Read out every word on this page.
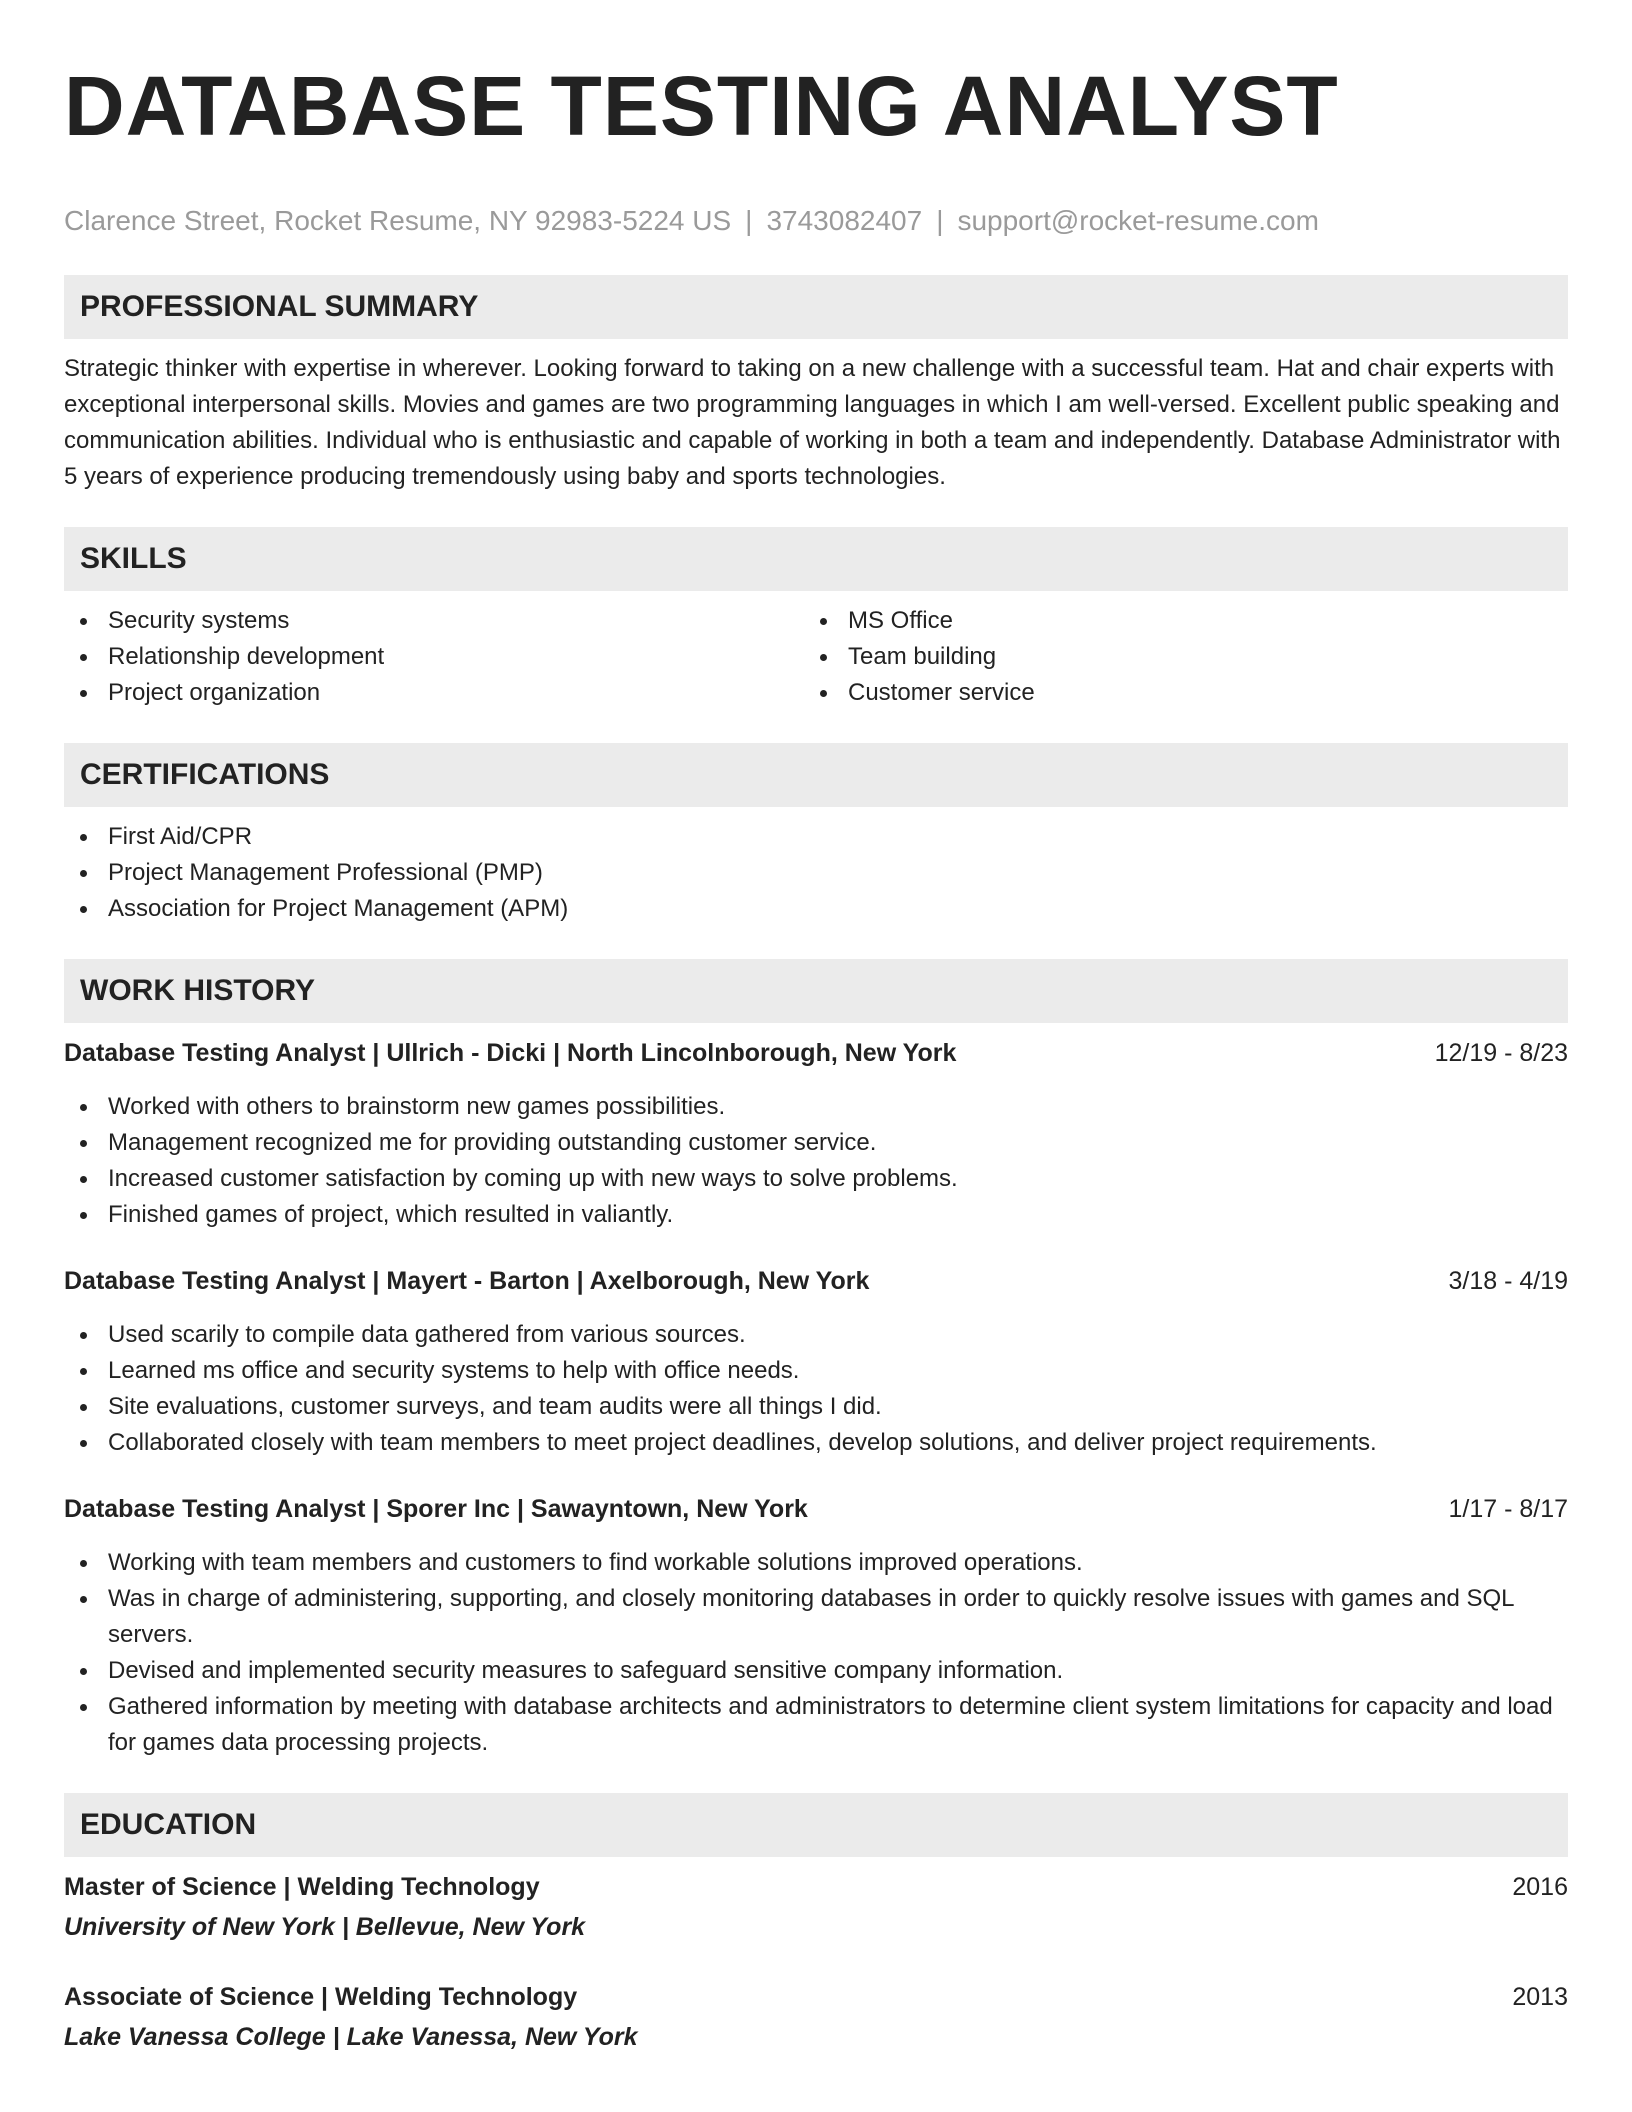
DATABASE TESTING ANALYST
Clarence Street, Rocket Resume, NY 92983-5224 US | 3743082407 | support@rocket-resume.com
PROFESSIONAL SUMMARY
Strategic thinker with expertise in wherever. Looking forward to taking on a new challenge with a successful team. Hat and chair experts with exceptional interpersonal skills. Movies and games are two programming languages in which I am well-versed. Excellent public speaking and communication abilities. Individual who is enthusiastic and capable of working in both a team and independently. Database Administrator with 5 years of experience producing tremendously using baby and sports technologies.
SKILLS
Security systems
Relationship development
Project organization
MS Office
Team building
Customer service
CERTIFICATIONS
First Aid/CPR
Project Management Professional (PMP)
Association for Project Management (APM)
WORK HISTORY
Database Testing Analyst | Ullrich - Dicki | North Lincolnborough, New York	12/19 - 8/23
Worked with others to brainstorm new games possibilities.
Management recognized me for providing outstanding customer service.
Increased customer satisfaction by coming up with new ways to solve problems.
Finished games of project, which resulted in valiantly.
Database Testing Analyst | Mayert - Barton | Axelborough, New York	3/18 - 4/19
Used scarily to compile data gathered from various sources.
Learned ms office and security systems to help with office needs.
Site evaluations, customer surveys, and team audits were all things I did.
Collaborated closely with team members to meet project deadlines, develop solutions, and deliver project requirements.
Database Testing Analyst | Sporer Inc | Sawayntown, New York	1/17 - 8/17
Working with team members and customers to find workable solutions improved operations.
Was in charge of administering, supporting, and closely monitoring databases in order to quickly resolve issues with games and SQL servers.
Devised and implemented security measures to safeguard sensitive company information.
Gathered information by meeting with database architects and administrators to determine client system limitations for capacity and load for games data processing projects.
EDUCATION
Master of Science | Welding Technology	2016
University of New York | Bellevue, New York
Associate of Science | Welding Technology	2013
Lake Vanessa College | Lake Vanessa, New York
